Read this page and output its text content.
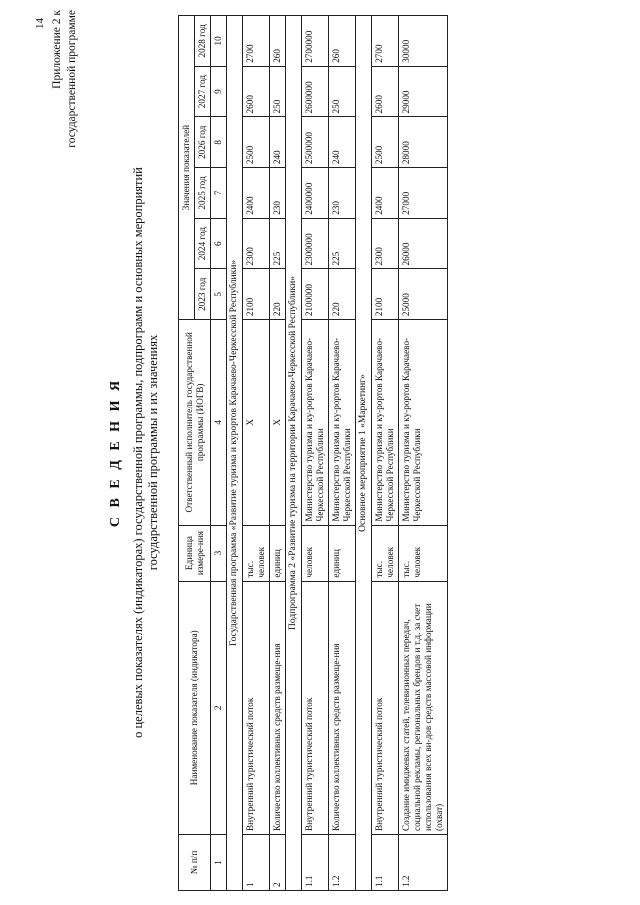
14 Приложение 2 к государственной программе
С В Е Д Е Н И Я о целевых показателях (индикаторах) государственной программы, подпрограмм и основных мероприятий государственной программы и их значениях
№ п/п	Наименование показателя (индикатора)	Единица измере-ния	Ответственный исполнитель государственной программы (ИОГВ)	Значения показателей					
				2023 год	2024 год	2025 год	2026 год	2027 год	2028 год
1	2	3	4	5	6	7	8	9	10
Государственная программа «Развитие туризма и курортов Карачаево-Черкесской Республики»									
1	Внутренний туристический поток	тыс. человек	Х	2100	2300	2400	2500	2600	2700
2	Количество коллективных средств размеще-ния	единиц	Х	220	225	230	240	250	260
Подпрограмма 2 «Развитие туризма на территории Карачаево-Черкесской Республики»									
1.1	Внутренний туристический поток	человек	Министерство туризма и ку-рортов Карачаево-Черкесской Республики	2100000	2300000	2400000	2500000	2600000	2700000
1.2	Количество коллективных средств размеще-ния	единиц	Министерство туризма и ку-рортов Карачаево-Черкесской Республики	220	225	230	240	250	260
Основное мероприятие 1 «Маркетинг»									
1.1	Внутренний туристический поток	тыс. человек	Министерство туризма и ку-рортов Карачаево-Черкесской Республики	2100	2300	2400	2500	2600	2700
1.2	Создание имиджевых статей, телевизионных передач, социальной рекламы, региональных брендов и т.д. за счет использования всех ви-дов средств массовой информации (охват)	тыс. человек	Министерство туризма и ку-рортов Карачаево-Черкесской Республики	25000	26000	27000	28000	29000	30000
